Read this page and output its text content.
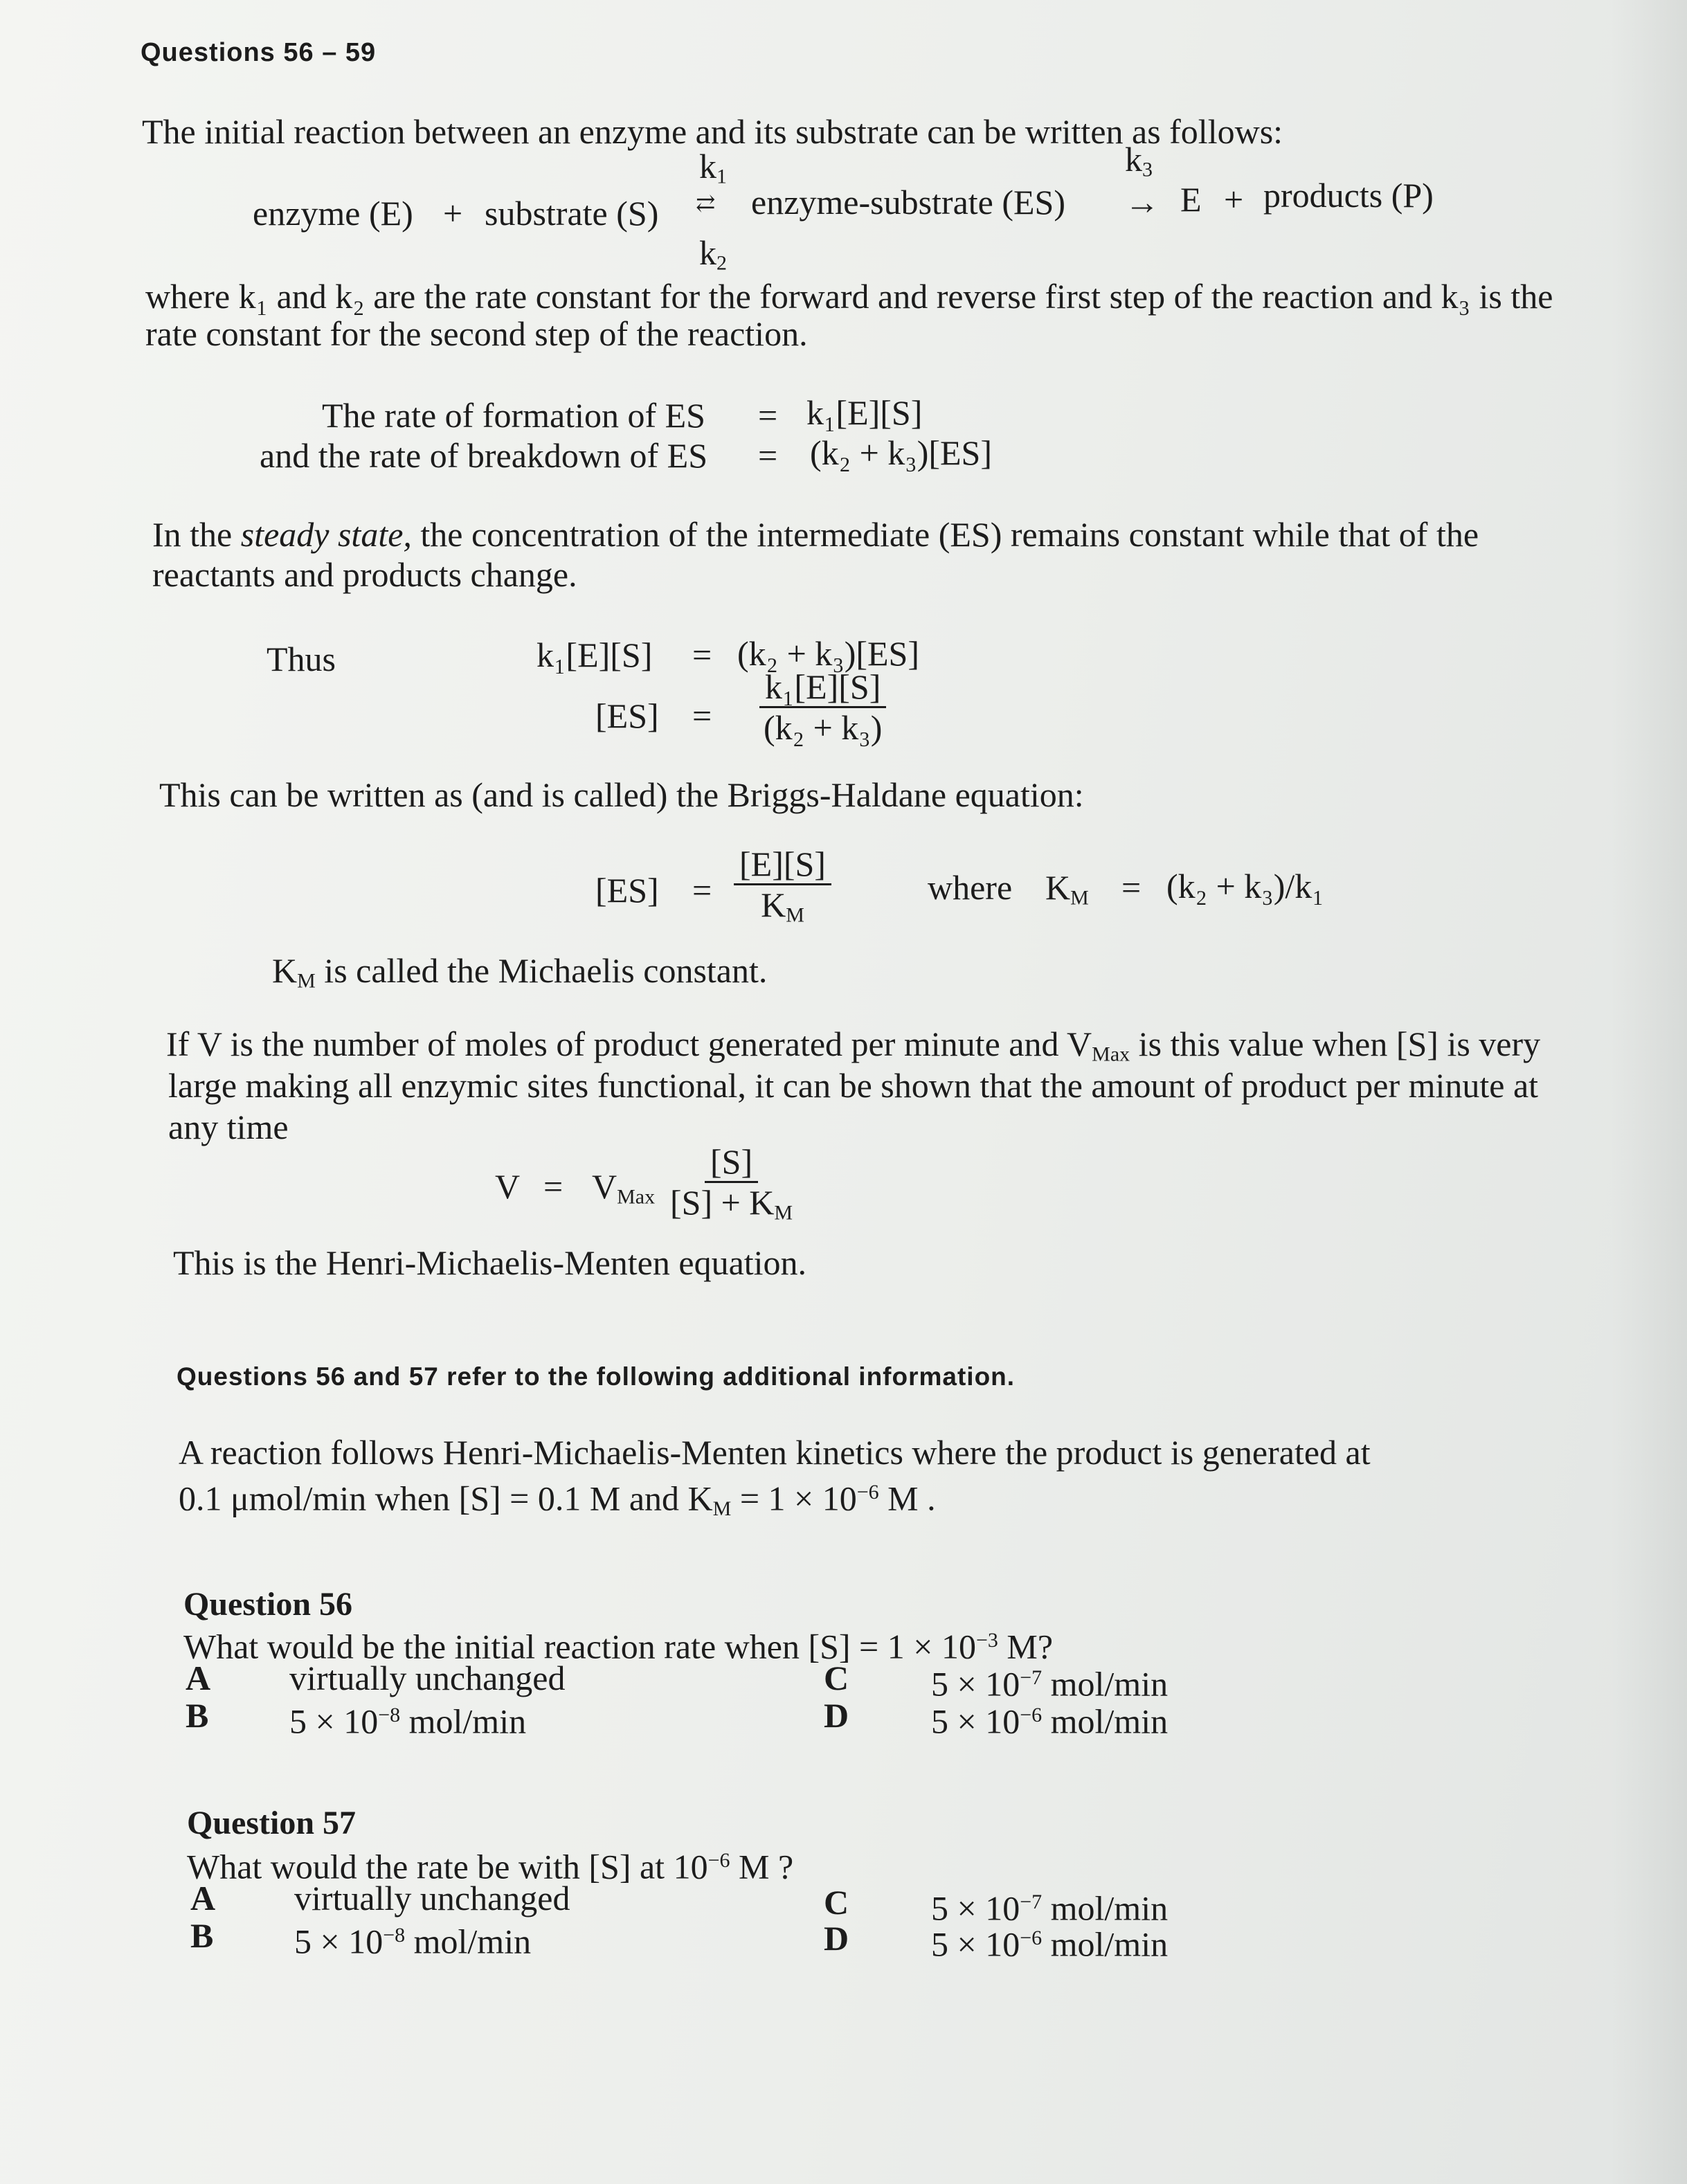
Questions 56 – 59
The initial reaction between an enzyme and its substrate can be written as follows:
enzyme (E) + substrate (S)
$k_1$
⇄
$k_2$
enzyme-substrate (ES)
$k_3$
→ E + products (P)
where k₁ and k₂ are the rate constant for the forward and reverse first step of the reaction and k₃ is the
rate constant for the second step of the reaction.
The rate of formation of ES = k₁[E][S]
and the rate of breakdown of ES = (k₂ + k₃)[ES]
In the steady state, the concentration of the intermediate (ES) remains constant while that of the
reactants and products change.
Thus	k₁[E][S] = (k₂ + k₃)[ES]
$[ES] = \frac{\text{k₁[E][S]}}{\text{(k₂ + k₃)}}$
This can be written as (and is called) the Briggs-Haldane equation:
$[ES] = \frac{[E][S]}{K_M}$	where $K_M = (k_2 + k_3)/k_1$
$K_M$ is called the Michaelis constant.
If V is the number of moles of product generated per minute and $V_{Max}$ is this value when [S] is very
large making all enzymic sites functional, it can be shown that the amount of product per minute at
any time
$V = V_{Max} \frac{[S]}{[S] + K_M}$
This is the Henri-Michaelis-Menten equation.
Questions 56 and 57 refer to the following additional information.
A reaction follows Henri-Michaelis-Menten kinetics where the product is generated at
0.1 μmol/min when [S] = 0.1 M and $K_M = 1 \times 10^{-6}$ M .
Question 56
What would be the initial reaction rate when $[S] = 1 \times 10^{-3}$ M?
A virtually unchanged
B $5 \times 10^{-8}$ mol/min
C $5 \times 10^{-7}$ mol/min
D $5 \times 10^{-6}$ mol/min
Question 57
What would the rate be with [S] at $10^{-6}$ M ?
A virtually unchanged
B $5 \times 10^{-8}$ mol/min
C $5 \times 10^{-7}$ mol/min
D $5 \times 10^{-6}$ mol/min
